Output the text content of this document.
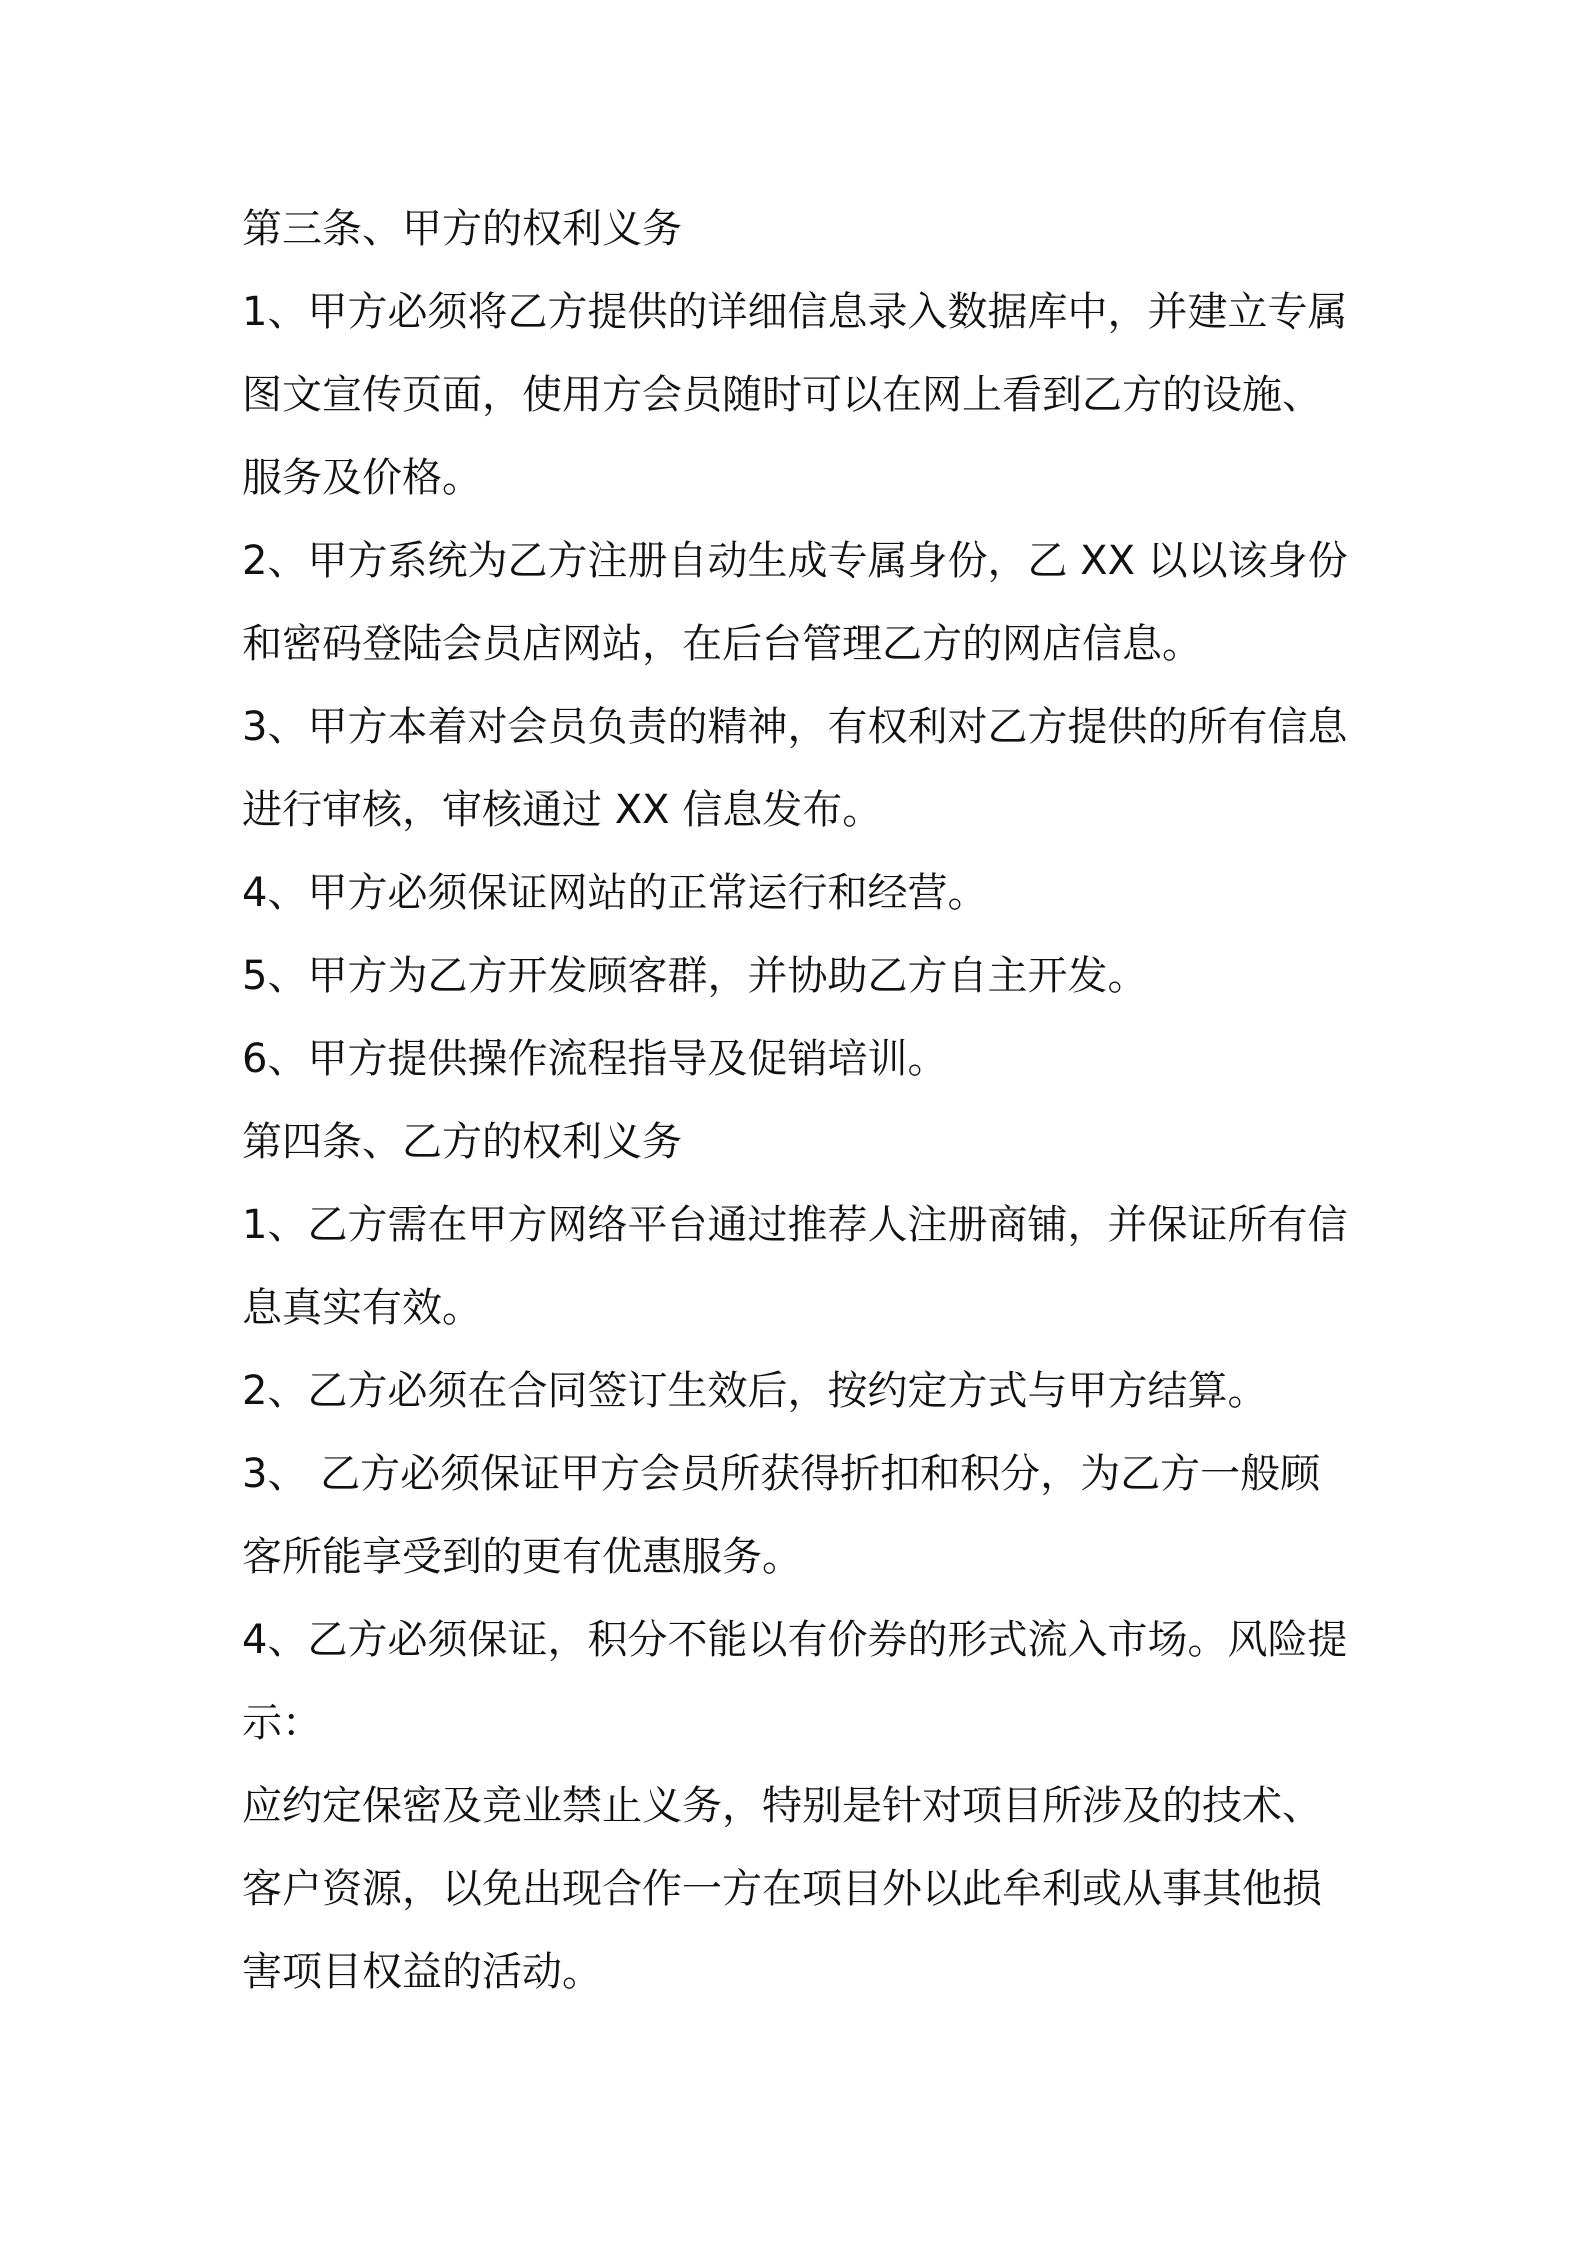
第三条、甲方的权利义务

1、甲方必须将乙方提供的详细信息录入数据库中，并建立专属图文宣传页面，使用方会员随时可以在网上看到乙方的设施、服务及价格。

2、甲方系统为乙方注册自动生成专属身份，乙 XX 以以该身份和密码登陆会员店网站，在后台管理乙方的网店信息。

3、甲方本着对会员负责的精神，有权利对乙方提供的所有信息进行审核，审核通过 XX 信息发布。

4、甲方必须保证网站的正常运行和经营。

5、甲方为乙方开发顾客群，并协助乙方自主开发。

6、甲方提供操作流程指导及促销培训。

第四条、乙方的权利义务

1、乙方需在甲方网络平台通过推荐人注册商铺，并保证所有信息真实有效。

2、乙方必须在合同签订生效后，按约定方式与甲方结算。

3、 乙方必须保证甲方会员所获得折扣和积分，为乙方一般顾客所能享受到的更有优惠服务。

4、乙方必须保证，积分不能以有价券的形式流入市场。风险提示：

应约定保密及竞业禁止义务，特别是针对项目所涉及的技术、客户资源，以免出现合作一方在项目外以此牟利或从事其他损害项目权益的活动。
